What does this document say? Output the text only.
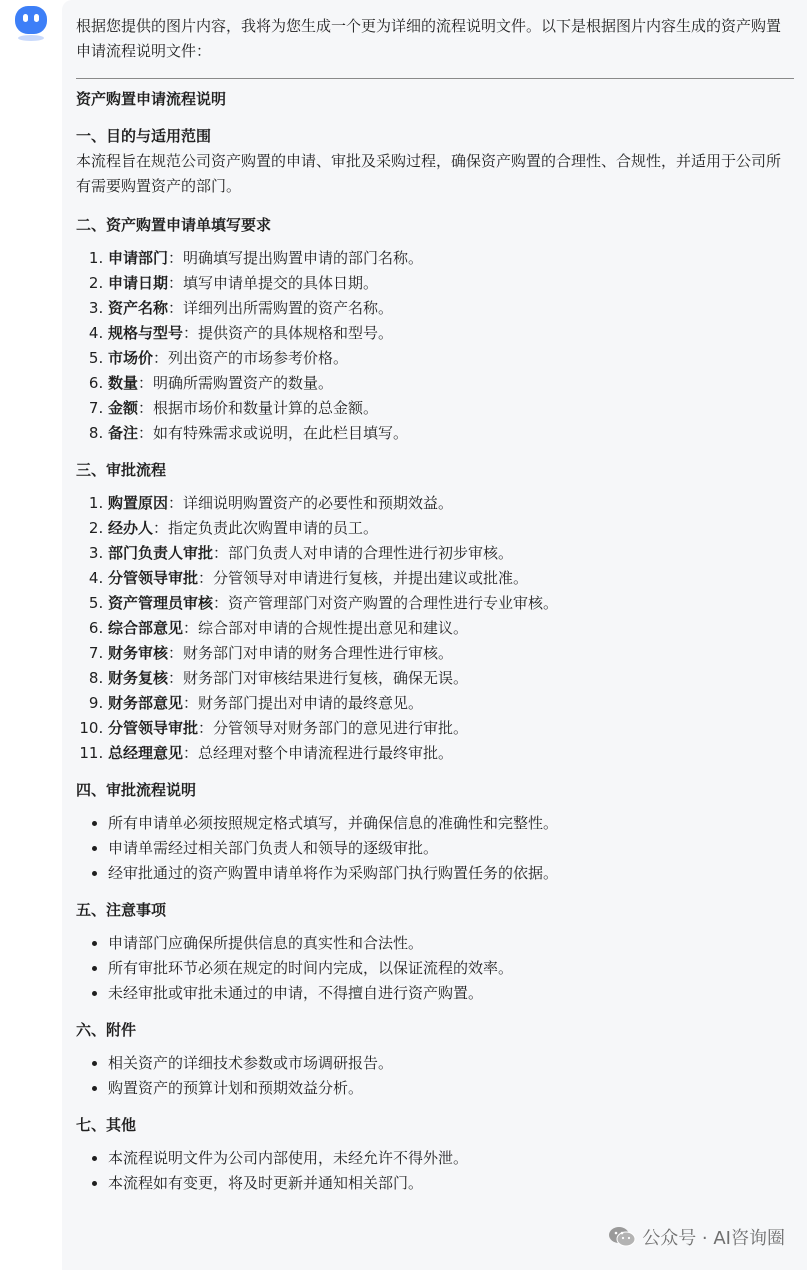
根据您提供的图片内容，我将为您生成一个更为详细的流程说明文件。以下是根据图片内容生成的资产购置申请流程说明文件：

资产购置申请流程说明
一、目的与适用范围

本流程旨在规范公司资产购置的申请、审批及采购过程，确保资产购置的合理性、合规性，并适用于公司所有需要购置资产的部门。

二、资产购置申请单填写要求
1. 申请部门：明确填写提出购置申请的部门名称。
2. 申请日期：填写申请单提交的具体日期。
3. 资产名称：详细列出所需购置的资产名称。
4. 规格与型号：提供资产的具体规格和型号。
5. 市场价：列出资产的市场参考价格。
6. 数量：明确所需购置资产的数量。
7. 金额：根据市场价和数量计算的总金额。
8. 备注：如有特殊需求或说明，在此栏目填写。
三、审批流程
1. 购置原因：详细说明购置资产的必要性和预期效益。
2. 经办人：指定负责此次购置申请的员工。
3. 部门负责人审批：部门负责人对申请的合理性进行初步审核。
4. 分管领导审批：分管领导对申请进行复核，并提出建议或批准。
5. 资产管理员审核：资产管理部门对资产购置的合理性进行专业审核。
6. 综合部意见：综合部对申请的合规性提出意见和建议。
7. 财务审核：财务部门对申请的财务合理性进行审核。
8. 财务复核：财务部门对审核结果进行复核，确保无误。
9. 财务部意见：财务部门提出对申请的最终意见。
10. 分管领导审批：分管领导对财务部门的意见进行审批。
11. 总经理意见：总经理对整个申请流程进行最终审批。
四、审批流程说明
• 所有申请单必须按照规定格式填写，并确保信息的准确性和完整性。
• 申请单需经过相关部门负责人和领导的逐级审批。
• 经审批通过的资产购置申请单将作为采购部门执行购置任务的依据。
五、注意事项
• 申请部门应确保所提供信息的真实性和合法性。
• 所有审批环节必须在规定的时间内完成，以保证流程的效率。
• 未经审批或审批未通过的申请，不得擅自进行资产购置。
六、附件
• 相关资产的详细技术参数或市场调研报告。
• 购置资产的预算计划和预期效益分析。
七、其他
• 本流程说明文件为公司内部使用，未经允许不得外泄。
• 本流程如有变更，将及时更新并通知相关部门。
公众号 · AI咨询圈
